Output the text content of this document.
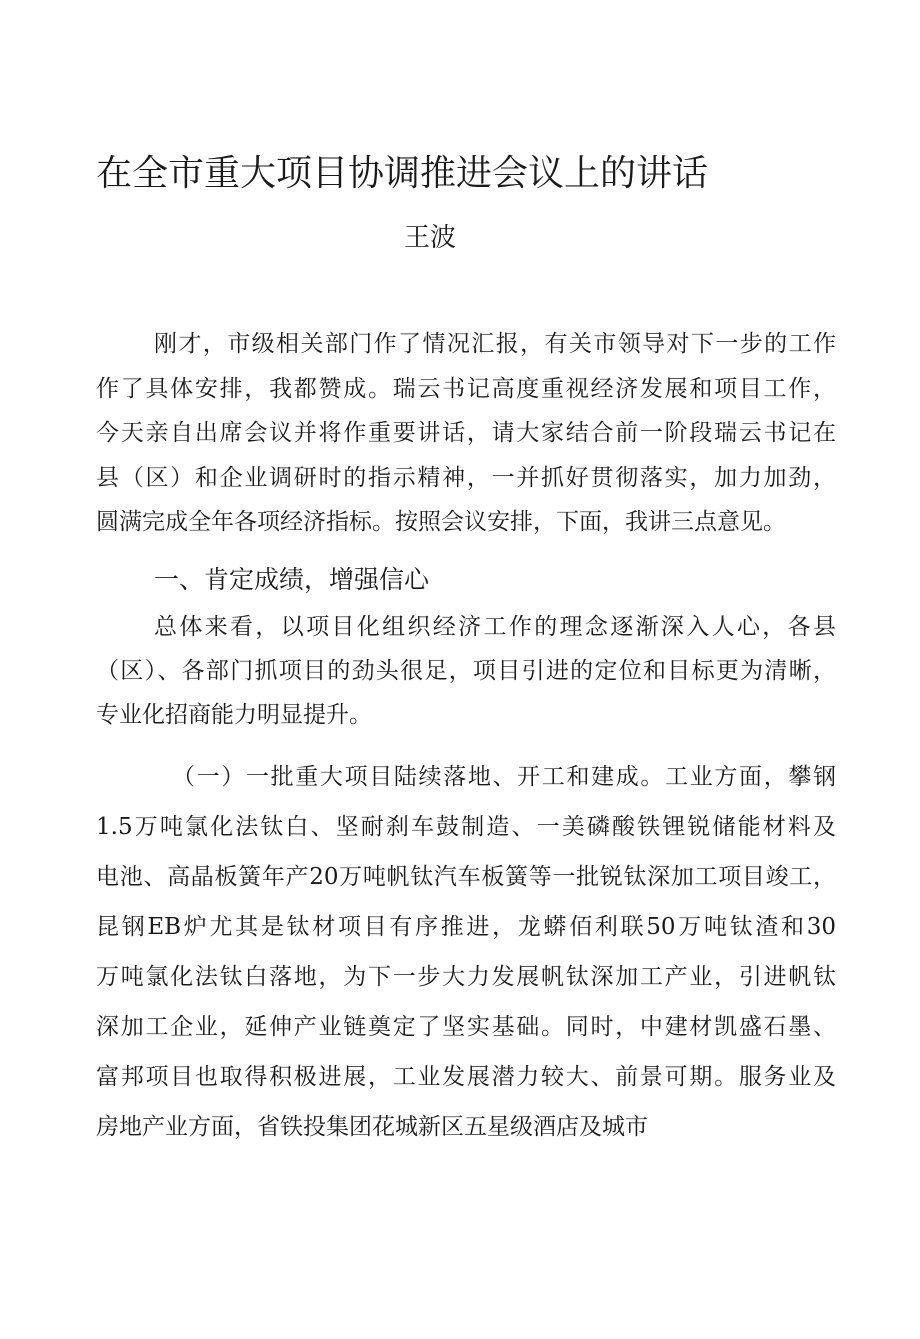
在全市重大项目协调推进会议上的讲话
王波
刚才，市级相关部门作了情况汇报，有关市领导对下一步的工作
作了具体安排，我都赞成。瑞云书记高度重视经济发展和项目工作，
今天亲自出席会议并将作重要讲话，请大家结合前一阶段瑞云书记在
县（区）和企业调研时的指示精神，一并抓好贯彻落实，加力加劲，
圆满完成全年各项经济指标。按照会议安排，下面，我讲三点意见。
一、肯定成绩，增强信心
总体来看，以项目化组织经济工作的理念逐渐深入人心，各县
（区）、各部门抓项目的劲头很足，项目引进的定位和目标更为清晰，
专业化招商能力明显提升。
（一）一批重大项目陆续落地、开工和建成。工业方面，攀钢
1.5万吨氯化法钛白、坚耐刹车鼓制造、一美磷酸铁锂锐储能材料及
电池、高晶板簧年产20万吨帆钛汽车板簧等一批锐钛深加工项目竣工，
昆钢EB炉尤其是钛材项目有序推进，龙蟒佰利联50万吨钛渣和30
万吨氯化法钛白落地，为下一步大力发展帆钛深加工产业，引进帆钛
深加工企业，延伸产业链奠定了坚实基础。同时，中建材凯盛石墨、
富邦项目也取得积极进展，工业发展潜力较大、前景可期。服务业及
房地产业方面，省铁投集团花城新区五星级酒店及城市
